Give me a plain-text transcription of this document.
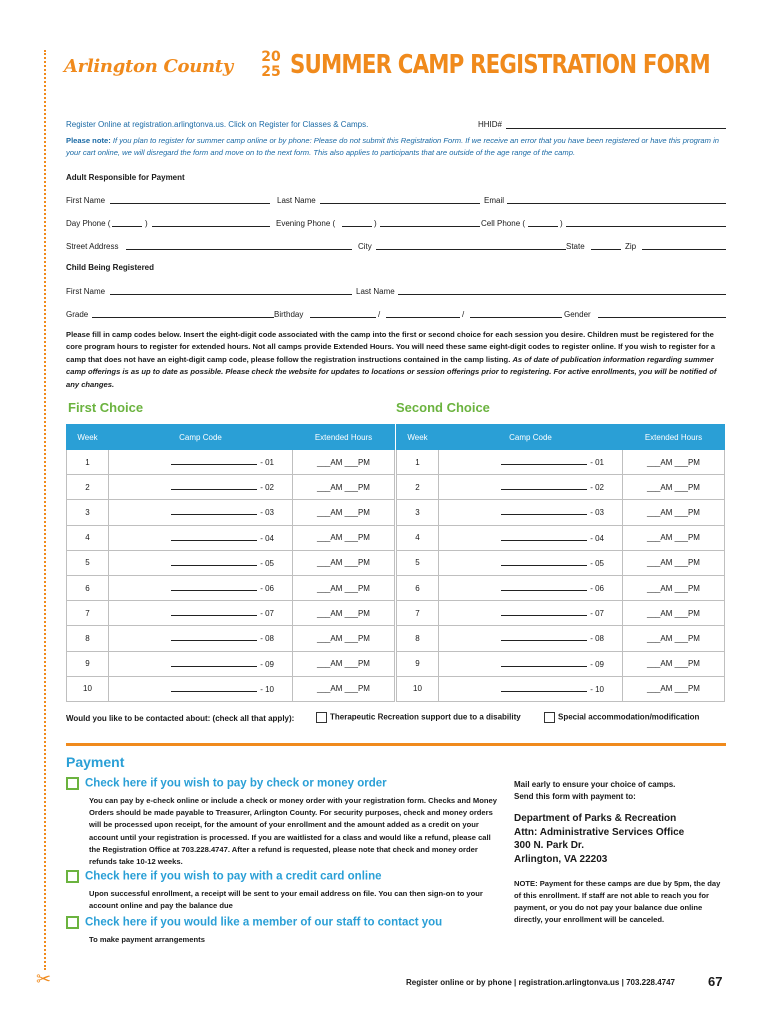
✂
Arlington County	20
25 SUMMER CAMP REGISTRATION FORM
Register Online at registration.arlingtonva.us. Click on Register for Classes & Camps.	HHID#
Please note: If you plan to register for summer camp online or by phone: Please do not submit this Registration Form. If we receive an error that you have been registered or have this program in your cart online, we will disregard the form and move on to the next form. This also applies to participants that are outside of the age range of the camp.
Adult Responsible for Payment
First Name	Last Name	Email
Day Phone (	)	Evening Phone (	)	Cell Phone (	)
Street Address	City	State	Zip
Child Being Registered
First Name	Last Name
Grade	Birthday	/	/	Gender
Please fill in camp codes below. Insert the eight-digit code associated with the camp into the first or second choice for each session you desire. Children must be registered for the core program hours to register for extended hours. Not all camps provide Extended Hours. You will need these same eight-digit codes to register online. If you wish to register for a camp that does not have an eight-digit camp code, please follow the registration instructions contained in the camp listing. As of date of publication information regarding summer camp offerings is as up to date as possible. Please check the website for updates to locations or session offerings prior to registering. For active enrollments, you will be notified of any changes.
First Choice	Second Choice
Week	Camp Code	Extended Hours
1	- 01	___AM ___PM
2	- 02	___AM ___PM
3	- 03	___AM ___PM
4	- 04	___AM ___PM
5	- 05	___AM ___PM
6	- 06	___AM ___PM
7	- 07	___AM ___PM
8	- 08	___AM ___PM
9	- 09	___AM ___PM
10	- 10	___AM ___PM
Week	Camp Code	Extended Hours
1	- 01	___AM ___PM
2	- 02	___AM ___PM
3	- 03	___AM ___PM
4	- 04	___AM ___PM
5	- 05	___AM ___PM
6	- 06	___AM ___PM
7	- 07	___AM ___PM
8	- 08	___AM ___PM
9	- 09	___AM ___PM
10	- 10	___AM ___PM
Would you like to be contacted about: (check all that apply):	Therapeutic Recreation support due to a disability	Special accommodation/modification
Payment
Check here if you wish to pay by check or money order
You can pay by e-check online or include a check or money order with your registration form. Checks and Money Orders should be made payable to Treasurer, Arlington County. For security purposes, check and money orders will be processed upon receipt, for the amount of your enrollment and the amount added as a credit on your account until your registration is processed. If you are waitlisted for a class and would like a refund, please call the Registration Office at 703.228.4747. After a refund is requested, please note that check and money order refunds take 10-12 weeks.
Check here if you wish to pay with a credit card online
Upon successful enrollment, a receipt will be sent to your email address on file. You can then sign-on to your account online and pay the balance due
Check here if you would like a member of our staff to contact you
To make payment arrangements
Mail early to ensure your choice of camps.
Send this form with payment to:
Department of Parks & Recreation
Attn: Administrative Services Office
300 N. Park Dr.
Arlington, VA 22203
NOTE: Payment for these camps are due by 5pm, the day of this enrollment. If staff are not able to reach you for payment, or you do not pay your balance due online directly, your enrollment will be canceled.
Register online or by phone | registration.arlingtonva.us | 703.228.4747	67
